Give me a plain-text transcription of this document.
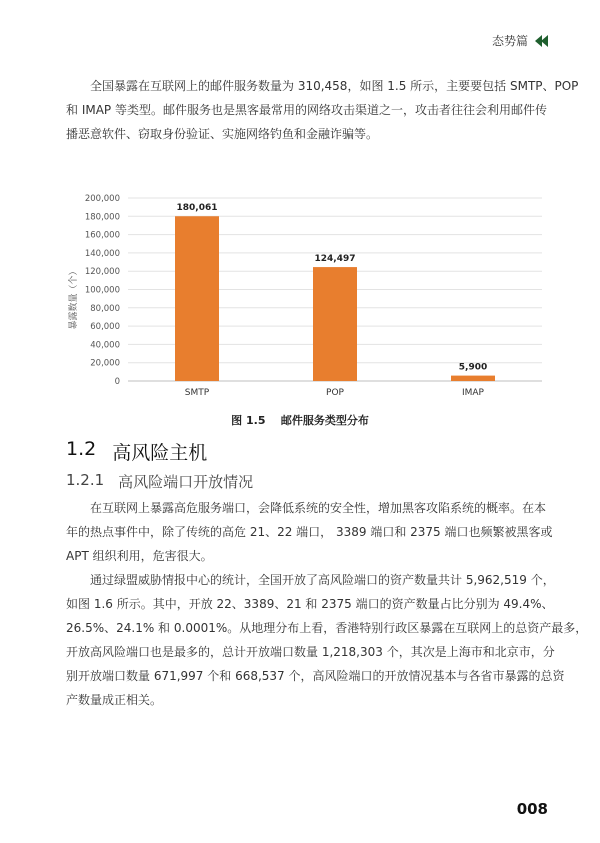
态势篇

全国暴露在互联网上的邮件服务数量为 310,458，如图 1.5 所示，主要要包括 SMTP、POP
和 IMAP 等类型。邮件服务也是黑客最常用的网络攻击渠道之一，攻击者往往会利用邮件传
播恶意软件、窃取身份验证、实施网络钓鱼和金融诈骗等。

0
20,000
40,000
60,000
80,000
100,000
120,000
140,000
160,000
180,000
200,000
SMTP	POP	IMAP
180,061
124,497
5,900
暴露数量（个）
图 1.5 邮件服务类型分布
1.2 高风险主机
1.2.1 高风险端口开放情况

在互联网上暴露高危服务端口，会降低系统的安全性，增加黑客攻陷系统的概率。在本
年的热点事件中，除了传统的高危 21、22 端口， 3389 端口和 2375 端口也频繁被黑客或
APT 组织利用，危害很大。

通过绿盟威胁情报中心的统计，全国开放了高风险端口的资产数量共计 5,962,519 个，
如图 1.6 所示。其中，开放 22、3389、21 和 2375 端口的资产数量占比分别为 49.4%、
26.5%、24.1% 和 0.0001%。从地理分布上看，香港特别行政区暴露在互联网上的总资产最多，
开放高风险端口也是最多的，总计开放端口数量 1,218,303 个，其次是上海市和北京市，分
别开放端口数量 671,997 个和 668,537 个，高风险端口的开放情况基本与各省市暴露的总资
产数量成正相关。

008
